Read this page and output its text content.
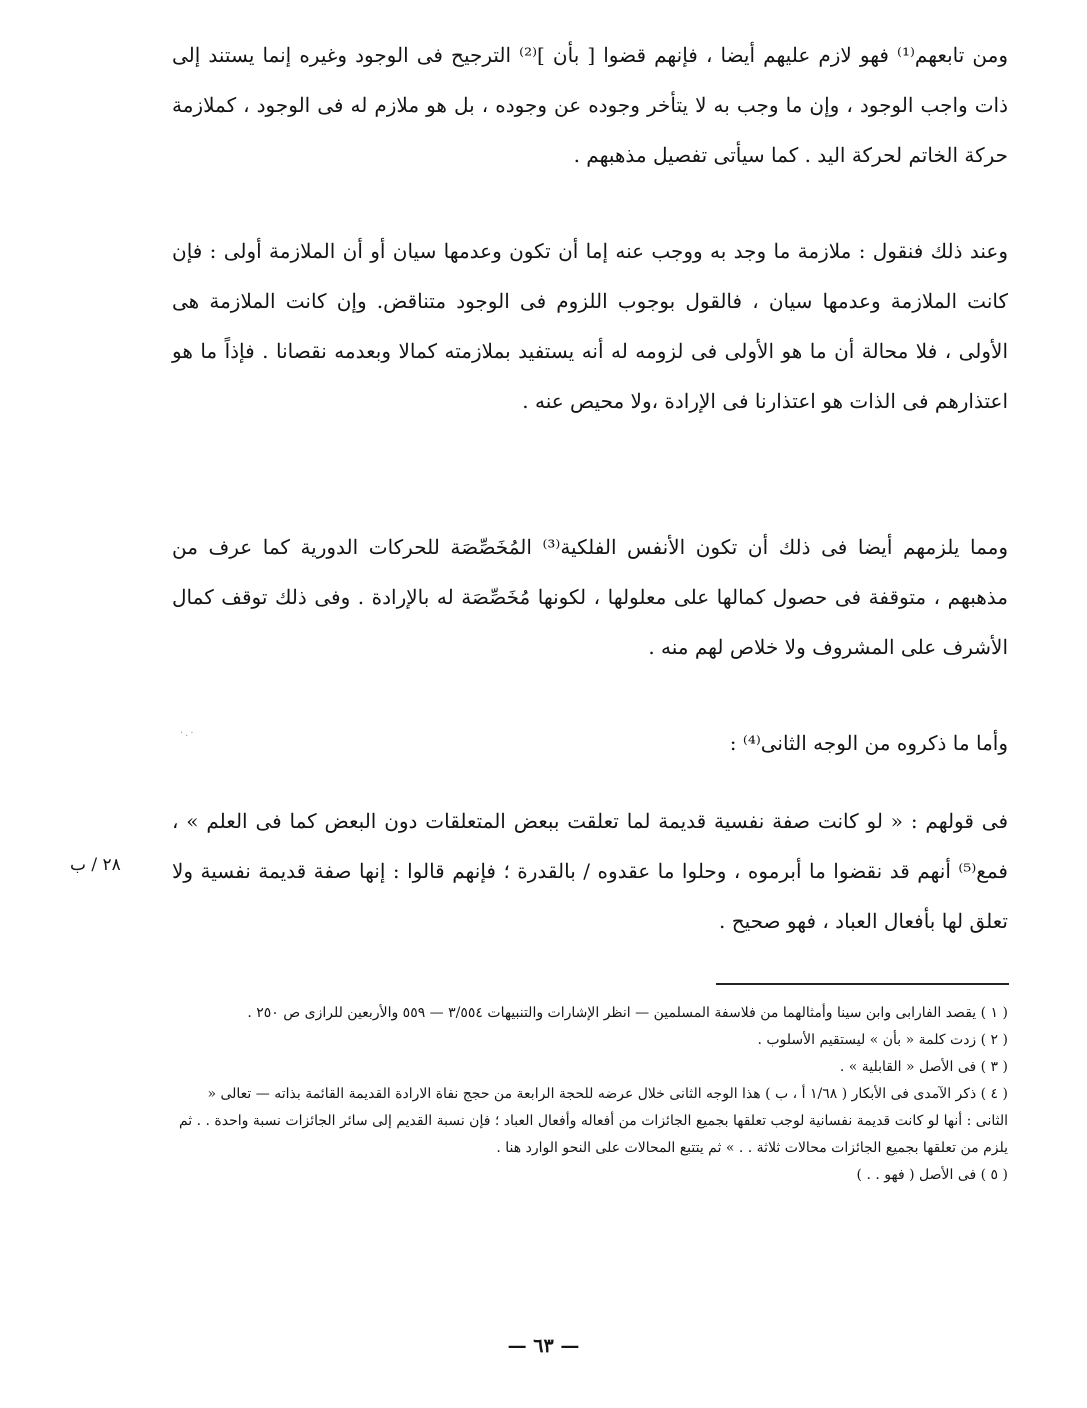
ومن تابعهم⁽¹⁾ فهو لازم عليهم أيضا ، فإنهم قضوا [ بأن ]⁽²⁾ الترجيح فى الوجود وغيره إنما يستند إلى ذات واجب الوجود ، وإن ما وجب به لا يتأخر وجوده عن وجوده ، بل هو ملازم له فى الوجود ، كملازمة حركة الخاتم لحركة اليد . كما سيأتى تفصيل مذهبهم .

وعند ذلك فنقول : ملازمة ما وجد به ووجب عنه إما أن تكون وعدمها سيان أو أن الملازمة أولى : فإن كانت الملازمة وعدمها سيان ، فالقول بوجوب اللزوم فى الوجود متناقض. وإن كانت الملازمة هى الأولى ، فلا محالة أن ما هو الأولى فى لزومه له أنه يستفيد بملازمته كمالا وبعدمه نقصانا . فإذاً ما هو اعتذارهم فى الذات هو اعتذارنا فى الإرادة ،ولا محيص عنه .

ومما يلزمهم أيضا فى ذلك أن تكون الأنفس الفلكية⁽³⁾ المُخَصِّصَة للحركات الدورية كما عرف من مذهبهم ، متوقفة فى حصول كمالها على معلولها ، لكونها مُخَصِّصَة له بالإرادة . وفى ذلك توقف كمال الأشرف على المشروف ولا خلاص لهم منه .

وأما ما ذكروه من الوجه الثانى⁽⁴⁾ :

فى قولهم : « لو كانت صفة نفسية قديمة لما تعلقت ببعض المتعلقات دون البعض كما فى العلم » ، فمع⁽⁵⁾ أنهم قد نقضوا ما أبرموه ، وحلوا ما عقدوه / بالقدرة ؛ فإنهم قالوا : إنها صفة قديمة نفسية ولا تعلق لها بأفعال العباد ، فهو صحيح .

·.·
٢٨ / ب

( ١ ) يقصد الفارابى وابن سينا وأمثالهما من فلاسفة المسلمين — انظر الإشارات والتنبيهات ٣/٥٥٤ — ٥٥٩ والأربعين للرازى ص ٢٥٠ .

( ٢ ) زدت كلمة « بأن » ليستقيم الأسلوب .

( ٣ ) فى الأصل « القابلية » .

( ٤ ) ذكر الآمدى فى الأبكار ( ١/٦٨ أ ، ب ) هذا الوجه الثانى خلال عرضه للحجة الرابعة من حجج نفاة الارادة القديمة القائمة بذاته — تعالى « الثانى : أنها لو كانت قديمة نفسانية لوجب تعلقها بجميع الجائزات من أفعاله وأفعال العباد ؛ فإن نسبة القديم إلى سائر الجائزات نسبة واحدة . . ثم يلزم من تعلقها بجميع الجائزات محالات ثلاثة . . » ثم يتتبع المحالات على النحو الوارد هنا .

( ٥ ) فى الأصل ( فهو . . )

— ٦٣ —
